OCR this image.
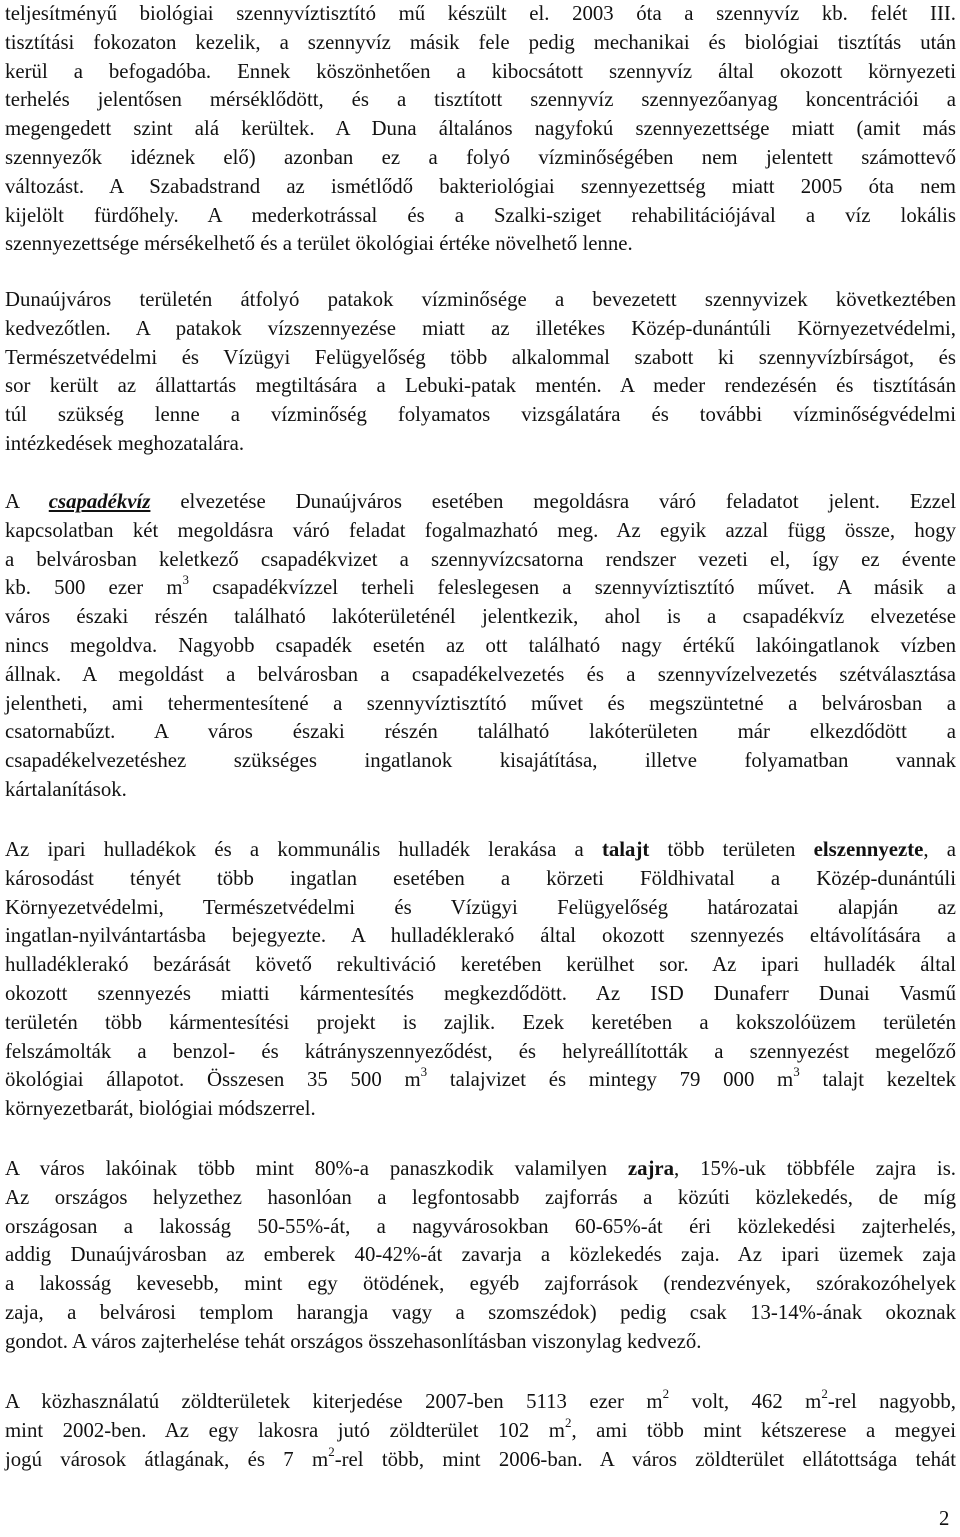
teljesítményű biológiai szennyvíztisztító mű készült el. 2003 óta a szennyvíz kb. felét III.
tisztítási fokozaton kezelik, a szennyvíz másik fele pedig mechanikai és biológiai tisztítás után
kerül a befogadóba. Ennek köszönhetően a kibocsátott szennyvíz által okozott környezeti
terhelés jelentősen mérséklődött, és a tisztított szennyvíz szennyezőanyag koncentrációi a
megengedett szint alá kerültek. A Duna általános nagyfokú szennyezettsége miatt (amit más
szennyezők idéznek elő) azonban ez a folyó vízminőségében nem jelentett számottevő
változást. A Szabadstrand az ismétlődő bakteriológiai szennyezettség miatt 2005 óta nem
kijelölt fürdőhely. A mederkotrással és a Szalki-sziget rehabilitációjával a víz lokális
szennyezettsége mérsékelhető és a terület ökológiai értéke növelhető lenne.
Dunaújváros területén átfolyó patakok vízminősége a bevezetett szennyvizek következtében
kedvezőtlen. A patakok vízszennyezése miatt az illetékes Közép-dunántúli Környezetvédelmi,
Természetvédelmi és Vízügyi Felügyelőség több alkalommal szabott ki szennyvízbírságot, és
sor került az állattartás megtiltására a Lebuki-patak mentén. A meder rendezésén és tisztításán
túl szükség lenne a vízminőség folyamatos vizsgálatára és további vízminőségvédelmi
intézkedések meghozatalára.
A csapadékvíz elvezetése Dunaújváros esetében megoldásra váró feladatot jelent. Ezzel
kapcsolatban két megoldásra váró feladat fogalmazható meg. Az egyik azzal függ össze, hogy
a belvárosban keletkező csapadékvizet a szennyvízcsatorna rendszer vezeti el, így ez évente
kb. 500 ezer $m^3$ csapadékvízzel terheli feleslegesen a szennyvíztisztító művet. A másik a
város északi részén található lakóterületénél jelentkezik, ahol is a csapadékvíz elvezetése
nincs megoldva. Nagyobb csapadék esetén az ott található nagy értékű lakóingatlanok vízben
állnak. A megoldást a belvárosban a csapadékelvezetés és a szennyvízelvezetés szétválasztása
jelentheti, ami tehermentesítené a szennyvíztisztító művet és megszüntetné a belvárosban a
csatornabűzt. A város északi részén található lakóterületen már elkezdődött a
csapadékelvezetéshez szükséges ingatlanok kisajátítása, illetve folyamatban vannak
kártalanítások.
Az ipari hulladékok és a kommunális hulladék lerakása a talajt több területen elszennyezte, a
károsodást tényét több ingatlan esetében a körzeti Földhivatal a Közép-dunántúli
Környezetvédelmi, Természetvédelmi és Vízügyi Felügyelőség határozatai alapján az
ingatlan-nyilvántartásba bejegyezte. A hulladéklerakó által okozott szennyezés eltávolítására a
hulladéklerakó bezárását követő rekultiváció keretében kerülhet sor. Az ipari hulladék által
okozott szennyezés miatti kármentesítés megkezdődött. Az ISD Dunaferr Dunai Vasmű
területén több kármentesítési projekt is zajlik. Ezek keretében a kokszolóüzem területén
felszámolták a benzol- és kátrányszennyeződést, és helyreállították a szennyezést megelőző
ökológiai állapotot. Összesen 35 500 $m^3$ talajvizet és mintegy 79 000 $m^3$ talajt kezeltek
környezetbarát, biológiai módszerrel.
A város lakóinak több mint 80%-a panaszkodik valamilyen zajra, 15%-uk többféle zajra is.
Az országos helyzethez hasonlóan a legfontosabb zajforrás a közúti közlekedés, de míg
országosan a lakosság 50-55%-át, a nagyvárosokban 60-65%-át éri közlekedési zajterhelés,
addig Dunaújvárosban az emberek 40-42%-át zavarja a közlekedés zaja. Az ipari üzemek zaja
a lakosság kevesebb, mint egy ötödének, egyéb zajforrások (rendezvények, szórakozóhelyek
zaja, a belvárosi templom harangja vagy a szomszédok) pedig csak 13-14%-ának okoznak
gondot. A város zajterhelése tehát országos összehasonlításban viszonylag kedvező.
A közhasználatú zöldterületek kiterjedése 2007-ben 5113 ezer $m^2$ volt, 462 $m^2$-rel nagyobb,
mint 2002-ben. Az egy lakosra jutó zöldterület 102 $m^2$, ami több mint kétszerese a megyei
jogú városok átlagának, és 7 $m^2$-rel több, mint 2006-ban. A város zöldterület ellátottsága tehát
2
